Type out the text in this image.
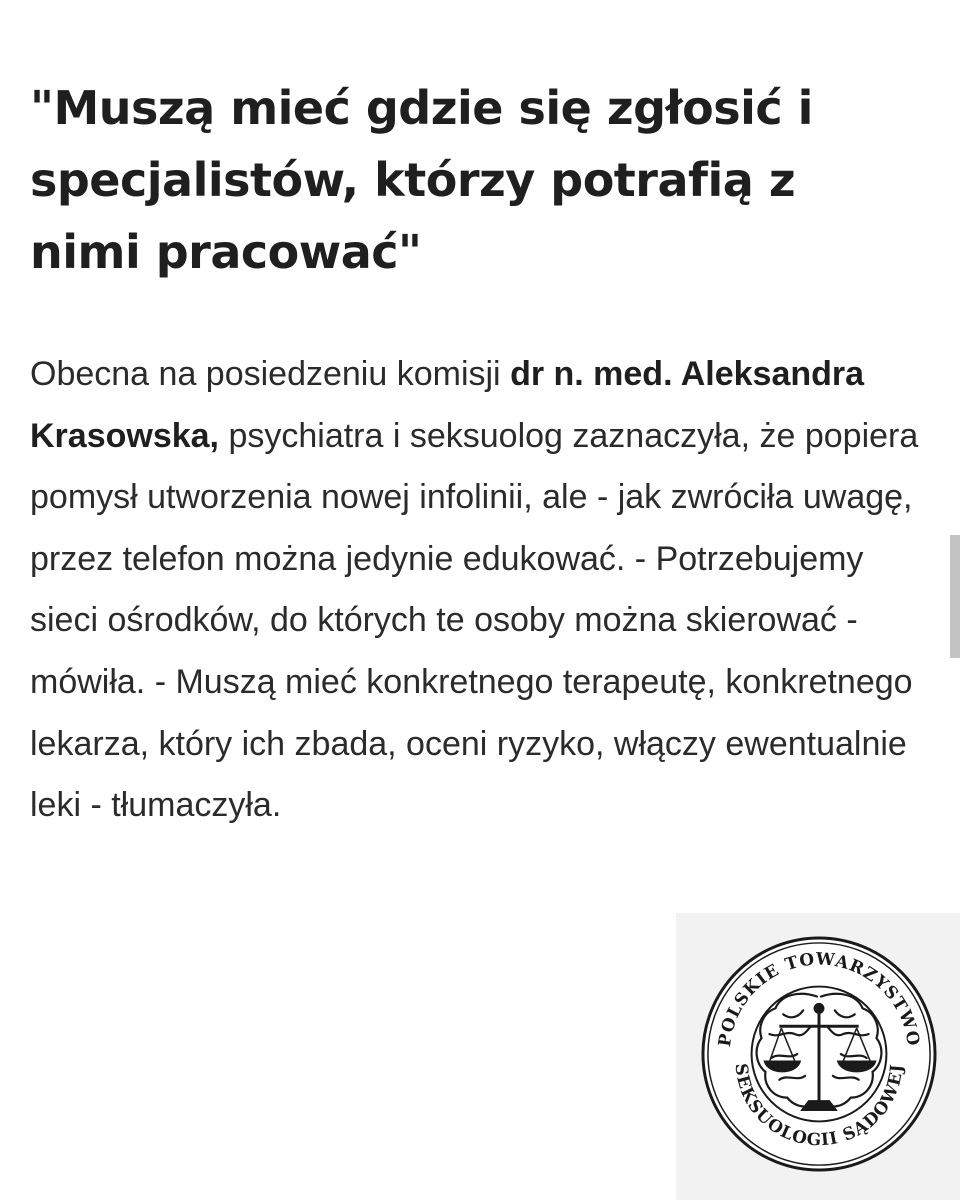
"Muszą mieć gdzie się zgłosić i specjalistów, którzy potrafią z nimi pracować"

Obecna na posiedzeniu komisji dr n. med. Aleksandra Krasowska, psychiatra i seksuolog zaznaczyła, że popiera pomysł utworzenia nowej infolinii, ale - jak zwróciła uwagę, przez telefon można jedynie edukować. - Potrzebujemy sieci ośrodków, do których te osoby można skierować - mówiła. - Muszą mieć konkretnego terapeutę, konkretnego lekarza, który ich zbada, oceni ryzyko, włączy ewentualnie leki - tłumaczyła.

POLSKIE TOWARZYSTWO
SEKSUOLOGII SĄDOWEJ
